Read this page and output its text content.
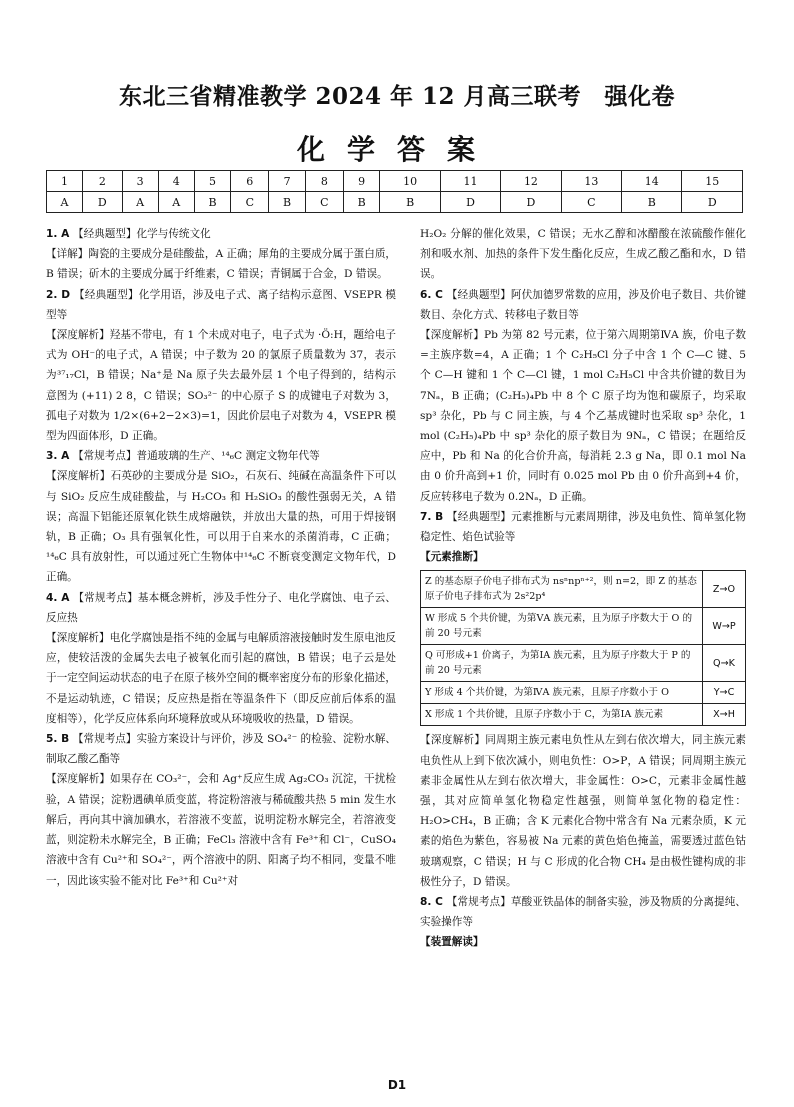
东北三省精准教学 2024 年 12 月高三联考　强化卷
化学答案
1	2	3	4	5	6	7	8	9	10	11	12	13	14	15
A	D	A	A	B	C	B	C	B	B	D	D	C	B	D

1. A 【经典题型】化学与传统文化

【详解】陶瓷的主要成分是硅酸盐，A 正确；犀角的主要成分属于蛋白质，B 错误；斫木的主要成分属于纤维素，C 错误；青铜属于合金，D 错误。

2. D 【经典题型】化学用语，涉及电子式、离子结构示意图、VSEPR 模型等

【深度解析】羟基不带电，有 1 个未成对电子，电子式为 ·Ö:H，题给电子式为 OH⁻的电子式，A 错误；中子数为 20 的氯原子质量数为 37，表示为³⁷₁₇Cl，B 错误；Na⁺是 Na 原子失去最外层 1 个电子得到的，结构示意图为 (+11) 2 8，C 错误；SO₃²⁻ 的中心原子 S 的成键电子对数为 3，孤电子对数为 1/2×(6+2−2×3)=1，因此价层电子对数为 4，VSEPR 模型为四面体形，D 正确。

3. A 【常规考点】普通玻璃的生产、¹⁴₆C 测定文物年代等

【深度解析】石英砂的主要成分是 SiO₂，石灰石、纯碱在高温条件下可以与 SiO₂ 反应生成硅酸盐，与 H₂CO₃ 和 H₂SiO₃ 的酸性强弱无关，A 错误；高温下铝能还原氧化铁生成熔融铁，并放出大量的热，可用于焊接钢轨，B 正确；O₃ 具有强氧化性，可以用于自来水的杀菌消毒，C 正确；¹⁴₆C 具有放射性，可以通过死亡生物体中¹⁴₆C 不断衰变测定文物年代，D 正确。

4. A 【常规考点】基本概念辨析，涉及手性分子、电化学腐蚀、电子云、反应热

【深度解析】电化学腐蚀是指不纯的金属与电解质溶液接触时发生原电池反应，使较活泼的金属失去电子被氧化而引起的腐蚀，B 错误；电子云是处于一定空间运动状态的电子在原子核外空间的概率密度分布的形象化描述，不是运动轨迹，C 错误；反应热是指在等温条件下（即反应前后体系的温度相等），化学反应体系向环境释放或从环境吸收的热量，D 错误。

5. B 【常规考点】实验方案设计与评价，涉及 SO₄²⁻ 的检验、淀粉水解、制取乙酸乙酯等

【深度解析】如果存在 CO₃²⁻，会和 Ag⁺反应生成 Ag₂CO₃ 沉淀，干扰检验，A 错误；淀粉遇碘单质变蓝，将淀粉溶液与稀硫酸共热 5 min 发生水解后，再向其中滴加碘水，若溶液不变蓝，说明淀粉水解完全，若溶液变蓝，则淀粉未水解完全，B 正确；FeCl₃ 溶液中含有 Fe³⁺和 Cl⁻，CuSO₄ 溶液中含有 Cu²⁺和 SO₄²⁻，两个溶液中的阴、阳离子均不相同，变量不唯一，因此该实验不能对比 Fe³⁺和 Cu²⁺对

H₂O₂ 分解的催化效果，C 错误；无水乙醇和冰醋酸在浓硫酸作催化剂和吸水剂、加热的条件下发生酯化反应，生成乙酸乙酯和水，D 错误。

6. C 【经典题型】阿伏加德罗常数的应用，涉及价电子数目、共价键数目、杂化方式、转移电子数目等

【深度解析】Pb 为第 82 号元素，位于第六周期第ⅣA 族，价电子数=主族序数=4，A 正确；1 个 C₂H₅Cl 分子中含 1 个 C—C 键、5 个 C—H 键和 1 个 C—Cl 键，1 mol C₂H₅Cl 中含共价键的数目为 7Nₐ，B 正确；(C₂H₅)₄Pb 中 8 个 C 原子均为饱和碳原子，均采取 sp³ 杂化，Pb 与 C 同主族，与 4 个乙基成键时也采取 sp³ 杂化，1 mol (C₂H₅)₄Pb 中 sp³ 杂化的原子数目为 9Nₐ，C 错误；在题给反应中，Pb 和 Na 的化合价升高，每消耗 2.3 g Na，即 0.1 mol Na 由 0 价升高到+1 价，同时有 0.025 mol Pb 由 0 价升高到+4 价，反应转移电子数为 0.2Nₐ，D 正确。

7. B 【经典题型】元素推断与元素周期律，涉及电负性、简单氢化物稳定性、焰色试验等

【元素推断】

Z 的基态原子价电子排布式为 nsⁿnpⁿ⁺²，则 n=2，即 Z 的基态原子价电子排布式为 2s²2p⁴	Z→O
W 形成 5 个共价键，为第ⅤA 族元素，且为原子序数大于 O 的前 20 号元素	W→P
Q 可形成+1 价离子，为第ⅠA 族元素，且为原子序数大于 P 的前 20 号元素	Q→K
Y 形成 4 个共价键，为第ⅣA 族元素，且原子序数小于 O	Y→C
X 形成 1 个共价键，且原子序数小于 C，为第ⅠA 族元素	X→H

【深度解析】同周期主族元素电负性从左到右依次增大，同主族元素电负性从上到下依次减小，则电负性：O>P，A 错误；同周期主族元素非金属性从左到右依次增大，非金属性：O>C，元素非金属性越强，其对应简单氢化物稳定性越强，则简单氢化物的稳定性：H₂O>CH₄，B 正确；含 K 元素化合物中常含有 Na 元素杂质，K 元素的焰色为紫色，容易被 Na 元素的黄色焰色掩盖，需要透过蓝色钴玻璃观察，C 错误；H 与 C 形成的化合物 CH₄ 是由极性键构成的非极性分子，D 错误。

8. C 【常规考点】草酸亚铁晶体的制备实验，涉及物质的分离提纯、实验操作等

【装置解读】

D1
